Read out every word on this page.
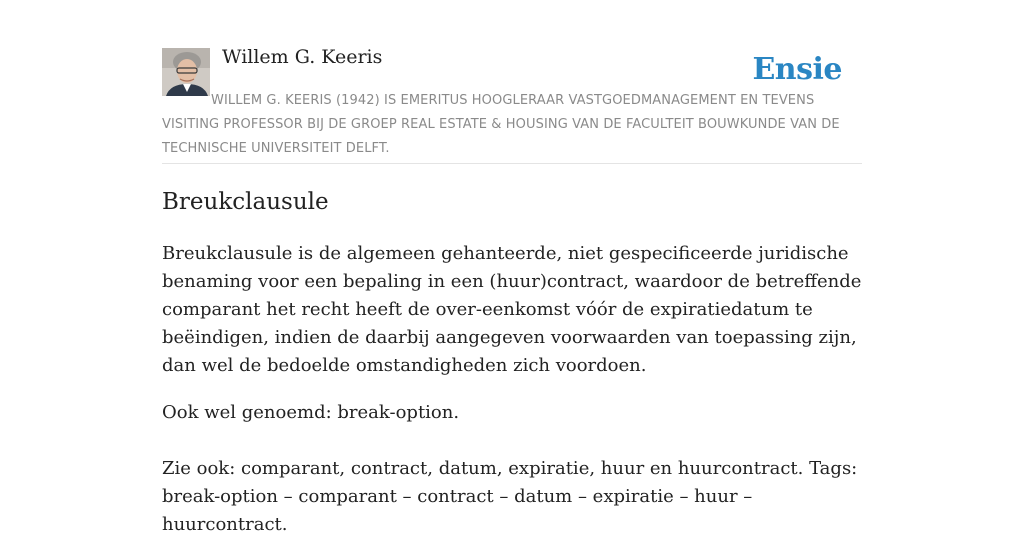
Willem G. Keeris	Ensie

WILLEM G. KEERIS (1942) IS EMERITUS HOOGLERAAR VASTGOEDMANAGEMENT EN TEVENS VISITING PROFESSOR BIJ DE GROEP REAL ESTATE & HOUSING VAN DE FACULTEIT BOUWKUNDE VAN DE TECHNISCHE UNIVERSITEIT DELFT.

Breukclausule

Breukclausule is de algemeen gehanteerde, niet gespecificeerde juridische benaming voor een bepaling in een (huur)contract, waardoor de betreffende comparant het recht heeft de over-eenkomst vóór de expiratiedatum te beëindigen, indien de daarbij aangegeven voorwaarden van toepassing zijn, dan wel de bedoelde omstandigheden zich voordoen.

Ook wel genoemd: break-option.

Zie ook: comparant, contract, datum, expiratie, huur en huurcontract. Tags: break-option – comparant – contract – datum – expiratie – huur – huurcontract.
